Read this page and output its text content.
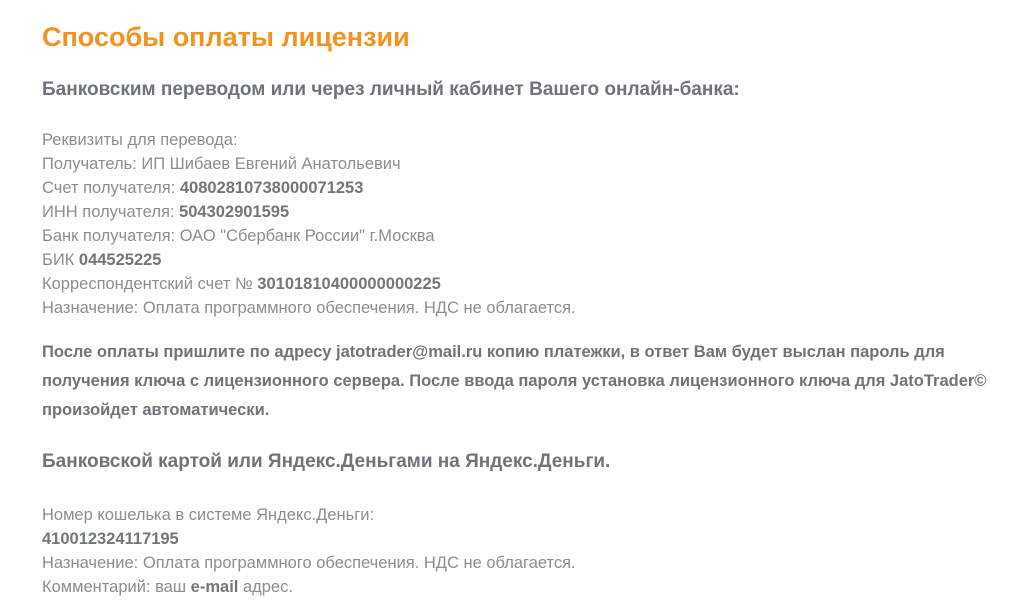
Способы оплаты лицензии
Банковским переводом или через личный кабинет Вашего онлайн-банка:
Реквизиты для перевода:
Получатель: ИП Шибаев Евгений Анатольевич
Счет получателя: 40802810738000071253
ИНН получателя: 504302901595
Банк получателя: ОАО "Сбербанк России" г.Москва
БИК 044525225
Корреспондентский счет № 30101810400000000225
Назначение: Оплата программного обеспечения. НДС не облагается.

После оплаты пришлите по адресу jatotrader@mail.ru копию платежки, в ответ Вам будет выслан пароль для получения ключа с лицензионного сервера. После ввода пароля установка лицензионного ключа для JatoTrader© произойдет автоматически.

Банковской картой или Яндекс.Деньгами на Яндекс.Деньги.
Номер кошелька в системе Яндекс.Деньги:
410012324117195
Назначение: Оплата программного обеспечения. НДС не облагается.
Комментарий: ваш e-mail адрес.
